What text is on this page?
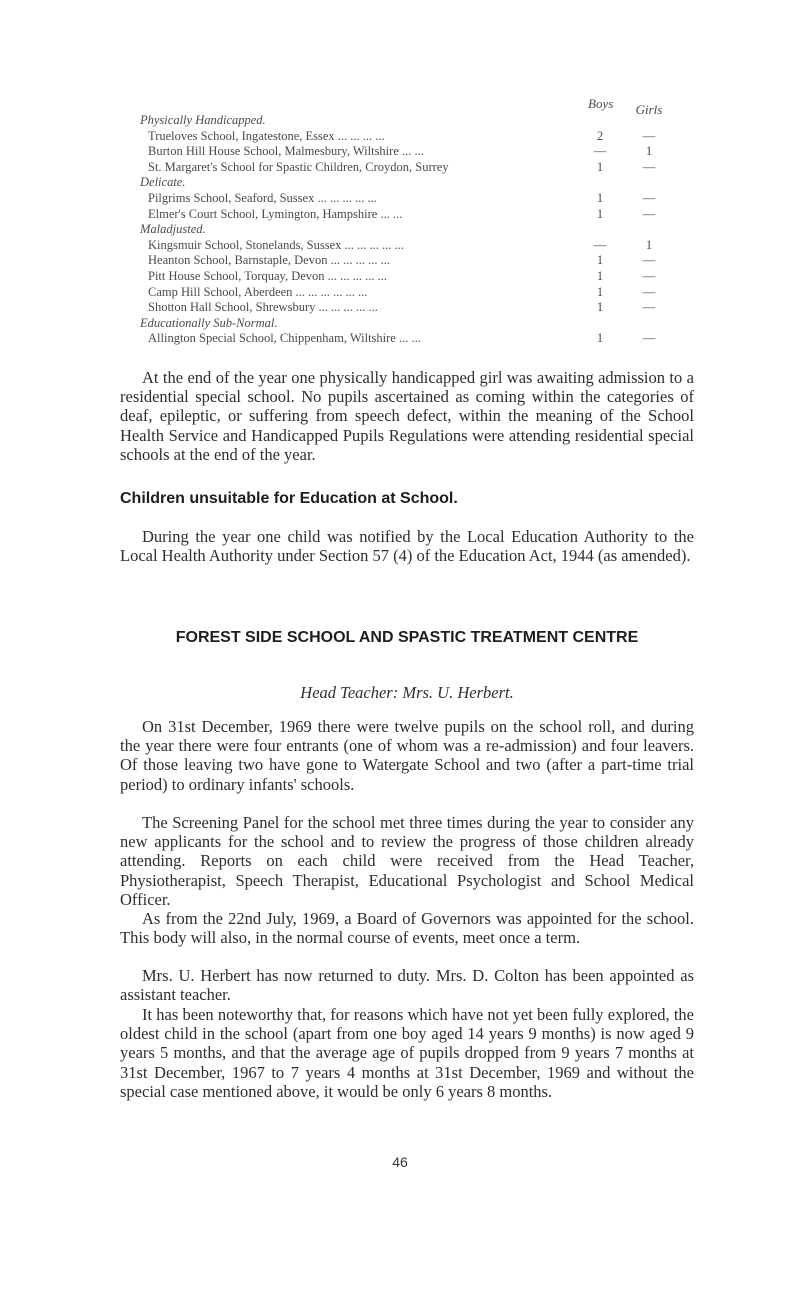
Boys Girls
Physically Handicapped.
Trueloves School, Ingatestone, Essex ... ... ... ...	2	—
Burton Hill House School, Malmesbury, Wiltshire ... ...	—	1
St. Margaret's School for Spastic Children, Croydon, Surrey	1	—
Delicate.
Pilgrims School, Seaford, Sussex ... ... ... ... ...	1	—
Elmer's Court School, Lymington, Hampshire ... ...	1	—
Maladjusted.
Kingsmuir School, Stonelands, Sussex ... ... ... ... ...	—	1
Heanton School, Barnstaple, Devon ... ... ... ... ...	1	—
Pitt House School, Torquay, Devon ... ... ... ... ...	1	—
Camp Hill School, Aberdeen ... ... ... ... ... ...	1	—
Shotton Hall School, Shrewsbury ... ... ... ... ...	1	—
Educationally Sub-Normal.
Allington Special School, Chippenham, Wiltshire ... ...	1	—
At the end of the year one physically handicapped girl was awaiting admission to a residential special school. No pupils ascertained as coming within the categories of deaf, epileptic, or suffering from speech defect, within the meaning of the School Health Service and Handicapped Pupils Regulations were attending residential special schools at the end of the year.
Children unsuitable for Education at School.
During the year one child was notified by the Local Education Authority to the Local Health Authority under Section 57 (4) of the Education Act, 1944 (as amended).
FOREST SIDE SCHOOL AND SPASTIC TREATMENT CENTRE
Head Teacher: Mrs. U. Herbert.
On 31st December, 1969 there were twelve pupils on the school roll, and during the year there were four entrants (one of whom was a re-admission) and four leavers. Of those leaving two have gone to Watergate School and two (after a part-time trial period) to ordinary infants' schools.
The Screening Panel for the school met three times during the year to consider any new applicants for the school and to review the progress of those children already attending. Reports on each child were received from the Head Teacher, Physiotherapist, Speech Therapist, Educational Psychologist and School Medical Officer.
As from the 22nd July, 1969, a Board of Governors was appointed for the school. This body will also, in the normal course of events, meet once a term.
Mrs. U. Herbert has now returned to duty. Mrs. D. Colton has been appointed as assistant teacher.
It has been noteworthy that, for reasons which have not yet been fully explored, the oldest child in the school (apart from one boy aged 14 years 9 months) is now aged 9 years 5 months, and that the average age of pupils dropped from 9 years 7 months at 31st December, 1967 to 7 years 4 months at 31st December, 1969 and without the special case mentioned above, it would be only 6 years 8 months.
46
